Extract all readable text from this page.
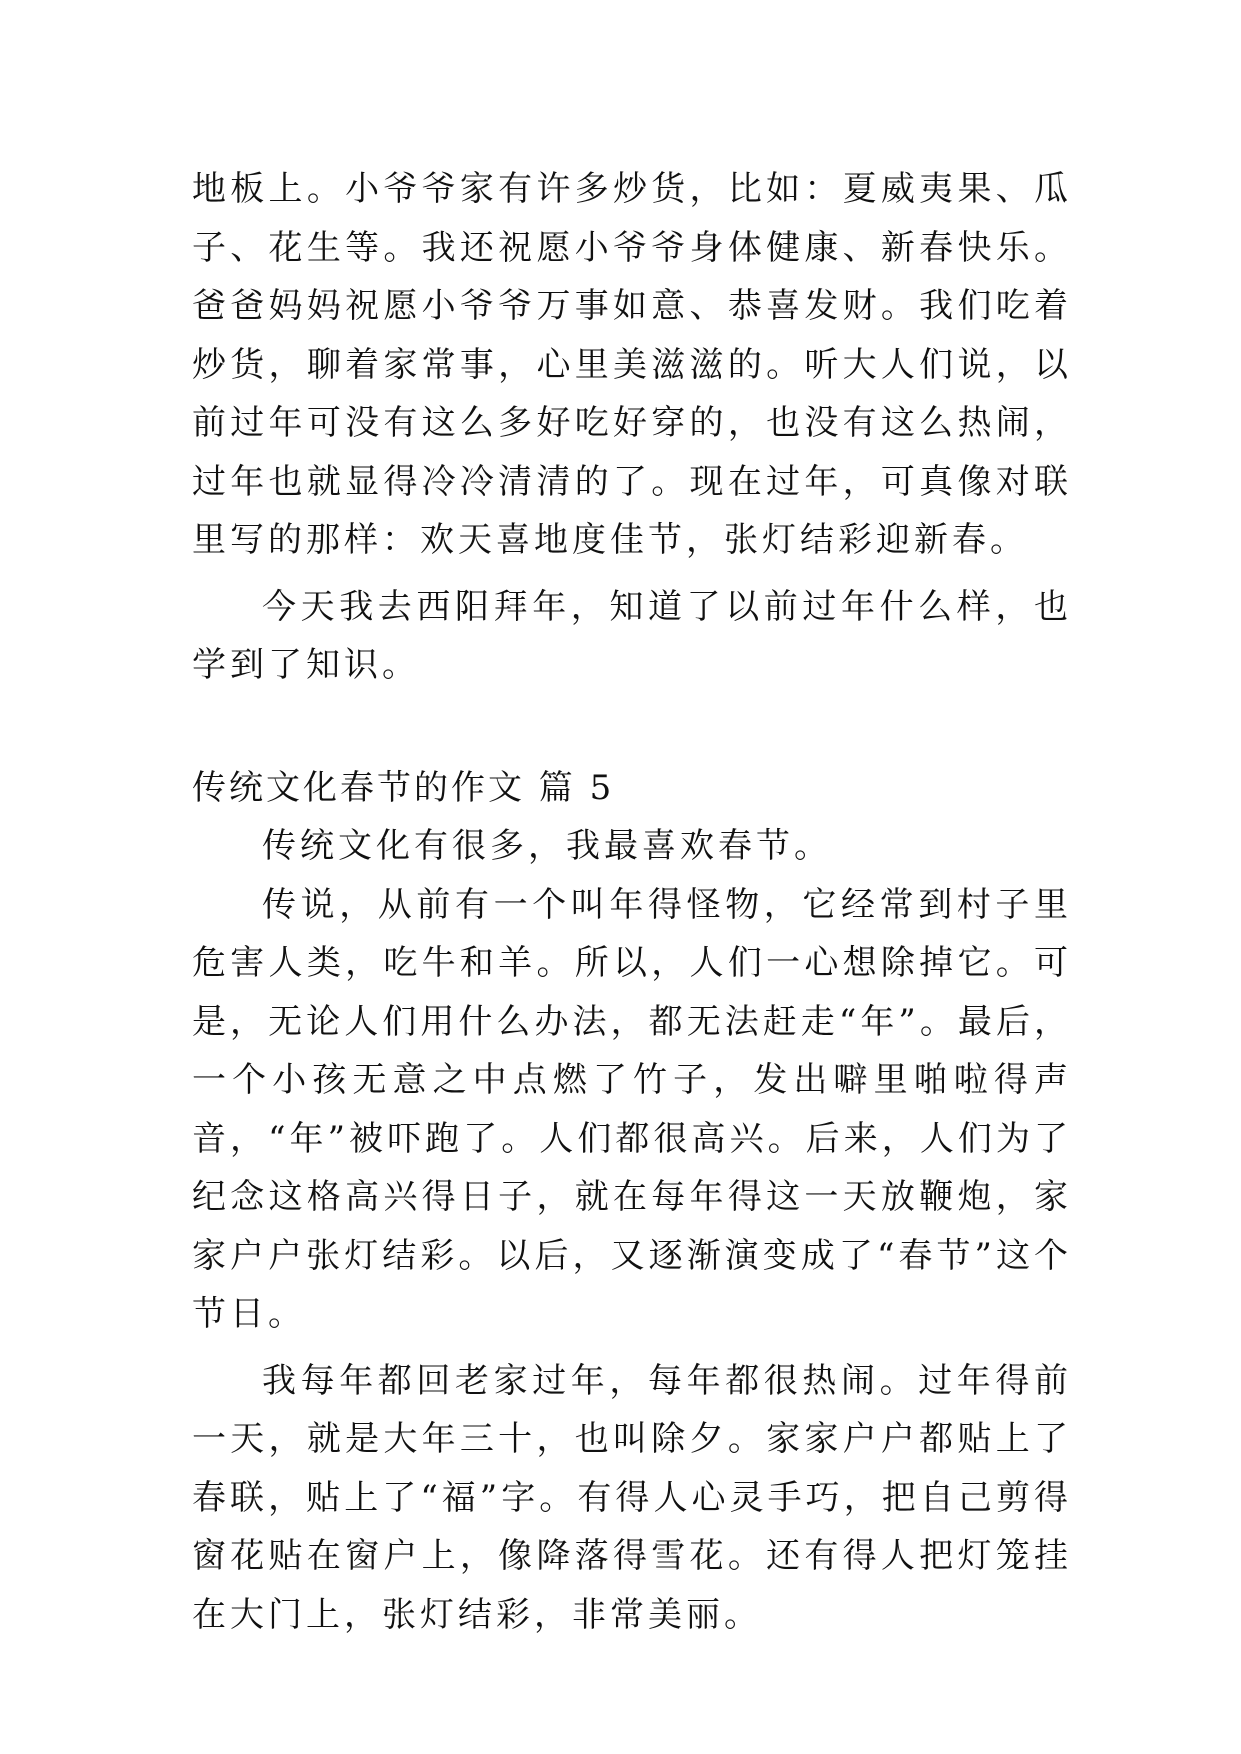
地板上。小爷爷家有许多炒货，比如：夏威夷果、瓜子、花生等。我还祝愿小爷爷身体健康、新春快乐。爸爸妈妈祝愿小爷爷万事如意、恭喜发财。我们吃着炒货，聊着家常事，心里美滋滋的。听大人们说，以前过年可没有这么多好吃好穿的，也没有这么热闹，过年也就显得冷冷清清的了。现在过年，可真像对联里写的那样：欢天喜地度佳节，张灯结彩迎新春。

今天我去西阳拜年，知道了以前过年什么样，也学到了知识。

传统文化春节的作文 篇 5

传统文化有很多，我最喜欢春节。

传说，从前有一个叫年得怪物，它经常到村子里危害人类，吃牛和羊。所以，人们一心想除掉它。可是，无论人们用什么办法，都无法赶走“年”。最后，一个小孩无意之中点燃了竹子，发出噼里啪啦得声音，“年”被吓跑了。人们都很高兴。后来，人们为了纪念这格高兴得日子，就在每年得这一天放鞭炮，家家户户张灯结彩。以后，又逐渐演变成了“春节”这个节日。

我每年都回老家过年，每年都很热闹。过年得前一天，就是大年三十，也叫除夕。家家户户都贴上了春联，贴上了“福”字。有得人心灵手巧，把自己剪得窗花贴在窗户上，像降落得雪花。还有得人把灯笼挂在大门上，张灯结彩，非常美丽。
